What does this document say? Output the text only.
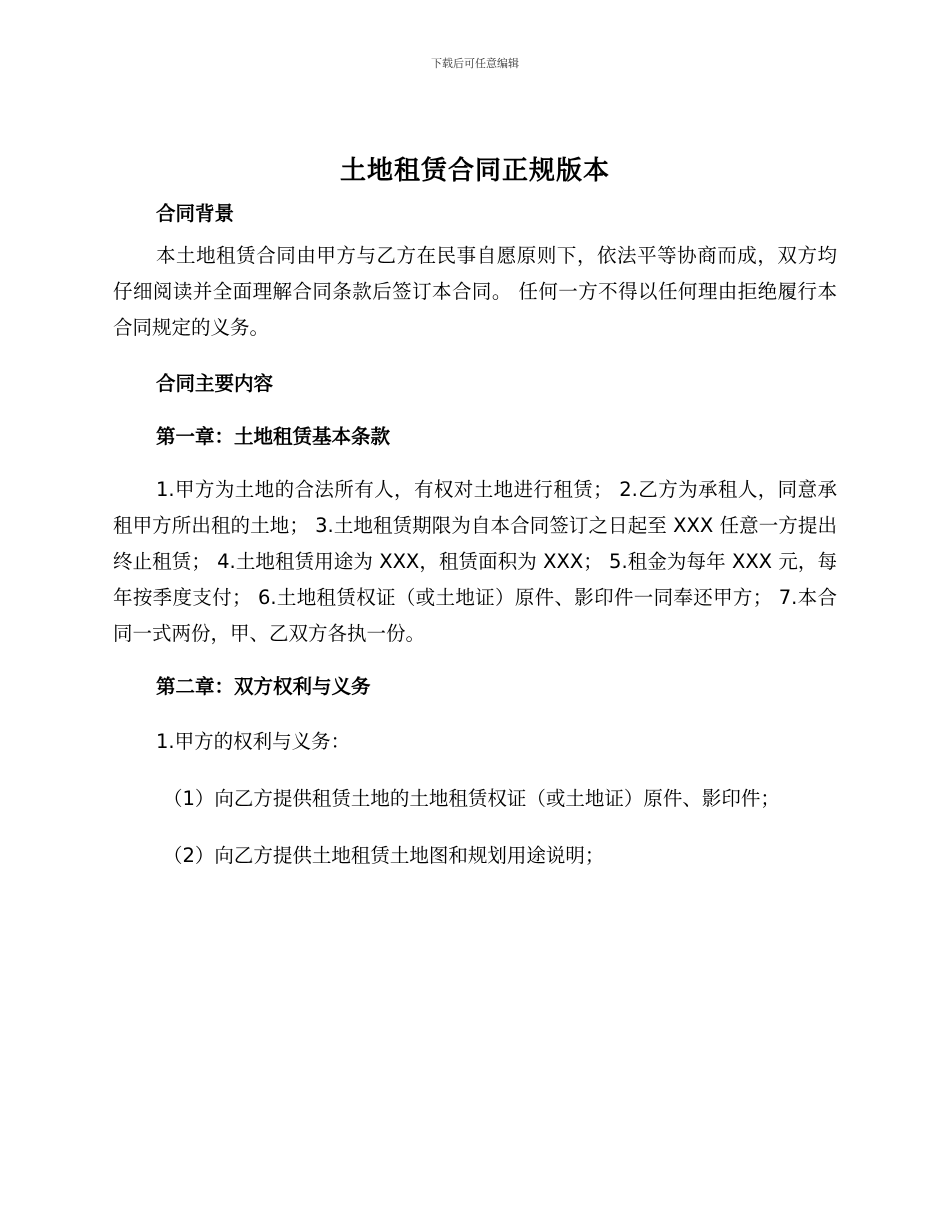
下载后可任意编辑
土地租赁合同正规版本

合同背景

本土地租赁合同由甲方与乙方在民事自愿原则下，依法平等协商而成，双方均仔细阅读并全面理解合同条款后签订本合同。 任何一方不得以任何理由拒绝履行本合同规定的义务。

合同主要内容

第一章：土地租赁基本条款

1.甲方为土地的合法所有人，有权对土地进行租赁； 2.乙方为承租人，同意承租甲方所出租的土地； 3.土地租赁期限为自本合同签订之日起至 XXX 任意一方提出终止租赁； 4.土地租赁用途为 XXX，租赁面积为 XXX； 5.租金为每年 XXX 元，每年按季度支付； 6.土地租赁权证（或土地证）原件、影印件一同奉还甲方； 7.本合同一式两份，甲、乙双方各执一份。

第二章：双方权利与义务

1.甲方的权利与义务：

（1）向乙方提供租赁土地的土地租赁权证（或土地证）原件、影印件；

（2）向乙方提供土地租赁土地图和规划用途说明；
